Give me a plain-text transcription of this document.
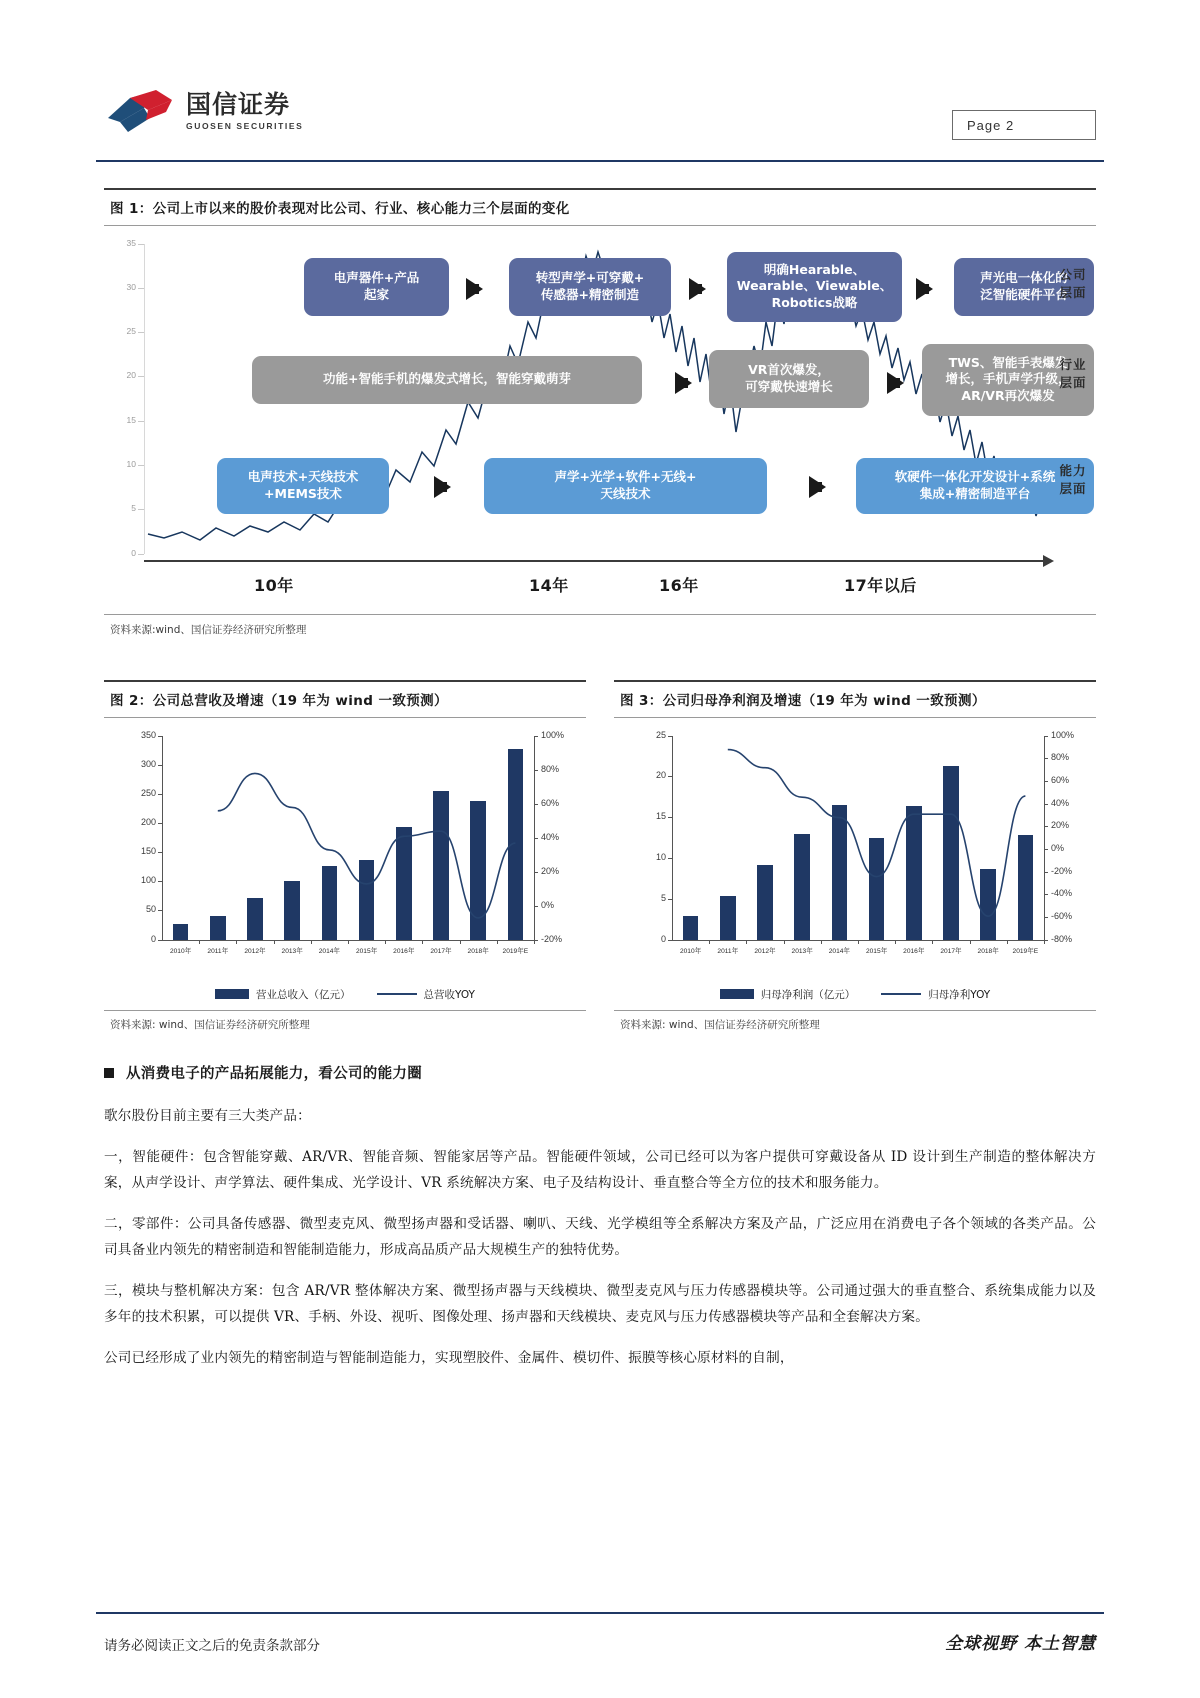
国信证券
GUOSEN SECURITIES	Page 2
图 1：公司上市以来的股价表现对比公司、行业、核心能力三个层面的变化
35
30
25
20
15
10
5
0
电声器件+产品
起家
转型声学+可穿戴+
传感器+精密制造
明确Hearable、
Wearable、Viewable、
Robotics战略
声光电一体化的
泛智能硬件平台
功能+智能手机的爆发式增长，智能穿戴萌芽
VR首次爆发，
可穿戴快速增长
TWS、智能手表爆发
增长，手机声学升级，
AR/VR再次爆发
电声技术+天线技术
+MEMS技术
声学+光学+软件+无线+
天线技术
软硬件一体化开发设计+系统
集成+精密制造平台
公司
层面
行业
层面
能力
层面
10年	14年	16年	17年以后
资料来源:wind、国信证券经济研究所整理
图 2：公司总营收及增速（19 年为 wind 一致预测）
营业总收入（亿元）	总营收YOY
0
50
100
150
200
250
300
350
-20%
0%
20%
40%
60%
80%
100%
2010年	2011年	2012年	2013年	2014年	2015年	2016年	2017年	2018年	2019年E
资料来源: wind、国信证券经济研究所整理
图 3：公司归母净利润及增速（19 年为 wind 一致预测）
归母净利润（亿元）	归母净利YOY
0
5
10
15
20
25
-80%
-60%
-40%
-20%
0%
20%
40%
60%
80%
100%
2010年	2011年	2012年	2013年	2014年	2015年	2016年	2017年	2018年	2019年E
资料来源: wind、国信证券经济研究所整理
从消费电子的产品拓展能力，看公司的能力圈

歌尔股份目前主要有三大类产品：

一，智能硬件：包含智能穿戴、AR/VR、智能音频、智能家居等产品。智能硬件领域，公司已经可以为客户提供可穿戴设备从 ID 设计到生产制造的整体解决方案，从声学设计、声学算法、硬件集成、光学设计、VR 系统解决方案、电子及结构设计、垂直整合等全方位的技术和服务能力。

二，零部件：公司具备传感器、微型麦克风、微型扬声器和受话器、喇叭、天线、光学模组等全系解决方案及产品，广泛应用在消费电子各个领域的各类产品。公司具备业内领先的精密制造和智能制造能力，形成高品质产品大规模生产的独特优势。

三，模块与整机解决方案：包含 AR/VR 整体解决方案、微型扬声器与天线模块、微型麦克风与压力传感器模块等。公司通过强大的垂直整合、系统集成能力以及多年的技术积累，可以提供 VR、手柄、外设、视听、图像处理、扬声器和天线模块、麦克风与压力传感器模块等产品和全套解决方案。

公司已经形成了业内领先的精密制造与智能制造能力，实现塑胶件、金属件、模切件、振膜等核心原材料的自制，

请务必阅读正文之后的免责条款部分	全球视野 本土智慧
